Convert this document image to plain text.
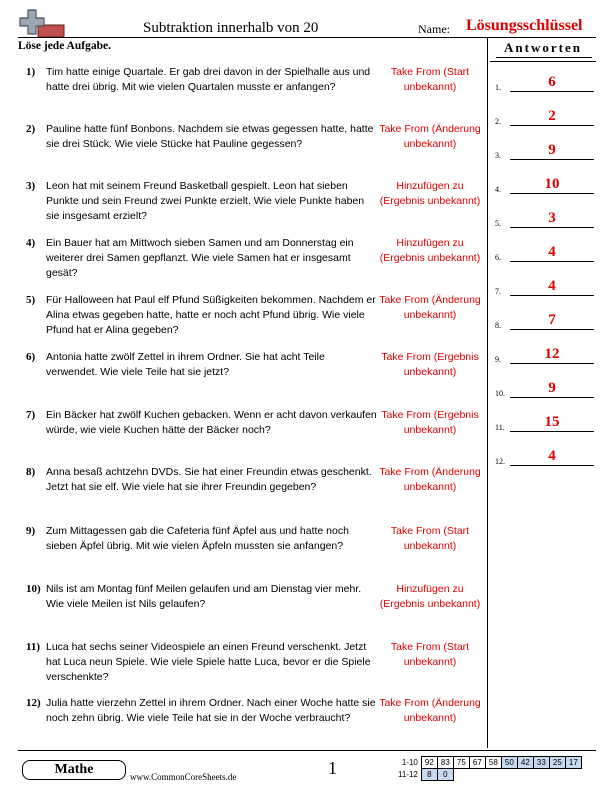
Subtraktion innerhalb von 20	Name: Lösungsschlüssel
Löse jede Aufgabe.
1) Tim hatte einige Quartale. Er gab drei davon in der Spielhalle aus und hatte drei übrig. Mit wie vielen Quartalen musste er anfangen?
Take From (Start unbekannt)
2) Pauline hatte fünf Bonbons. Nachdem sie etwas gegessen hatte, hatte sie drei Stück. Wie viele Stücke hat Pauline gegessen?
Take From (Änderung unbekannt)
3) Leon hat mit seinem Freund Basketball gespielt. Leon hat sieben Punkte und sein Freund zwei Punkte erzielt. Wie viele Punkte haben sie insgesamt erzielt?
Hinzufügen zu (Ergebnis unbekannt)
4) Ein Bauer hat am Mittwoch sieben Samen und am Donnerstag ein weiterer drei Samen gepflanzt. Wie viele Samen hat er insgesamt gesät?
Hinzufügen zu (Ergebnis unbekannt)
5) Für Halloween hat Paul elf Pfund Süßigkeiten bekommen. Nachdem er Alina etwas gegeben hatte, hatte er noch acht Pfund übrig. Wie viele Pfund hat er Alina gegeben?
Take From (Änderung unbekannt)
6) Antonia hatte zwölf Zettel in ihrem Ordner. Sie hat acht Teile verwendet. Wie viele Teile hat sie jetzt?
Take From (Ergebnis unbekannt)
7) Ein Bäcker hat zwölf Kuchen gebacken. Wenn er acht davon verkaufen würde, wie viele Kuchen hätte der Bäcker noch?
Take From (Ergebnis unbekannt)
8) Anna besaß achtzehn DVDs. Sie hat einer Freundin etwas geschenkt. Jetzt hat sie elf. Wie viele hat sie ihrer Freundin gegeben?
Take From (Änderung unbekannt)
9) Zum Mittagessen gab die Cafeteria fünf Äpfel aus und hatte noch sieben Äpfel übrig. Mit wie vielen Äpfeln mussten sie anfangen?
Take From (Start unbekannt)
10) Nils ist am Montag fünf Meilen gelaufen und am Dienstag vier mehr. Wie viele Meilen ist Nils gelaufen?
Hinzufügen zu (Ergebnis unbekannt)
11) Luca hat sechs seiner Videospiele an einen Freund verschenkt. Jetzt hat Luca neun Spiele. Wie viele Spiele hatte Luca, bevor er die Spiele verschenkte?
Take From (Start unbekannt)
12) Julia hatte vierzehn Zettel in ihrem Ordner. Nach einer Woche hatte sie noch zehn übrig. Wie viele Teile hat sie in der Woche verbraucht?
Take From (Änderung unbekannt)
Antworten
1.	6
2.	2
3.	9
4.	10
5.	3
6.	4
7.	4
8.	7
9.	12
10.	9
11.	15
12.	4
Mathe	www.CommonCoreSheets.de	1	1-10	92	83	75	67	58	50	42	33	25	17
11-12	8	0								
